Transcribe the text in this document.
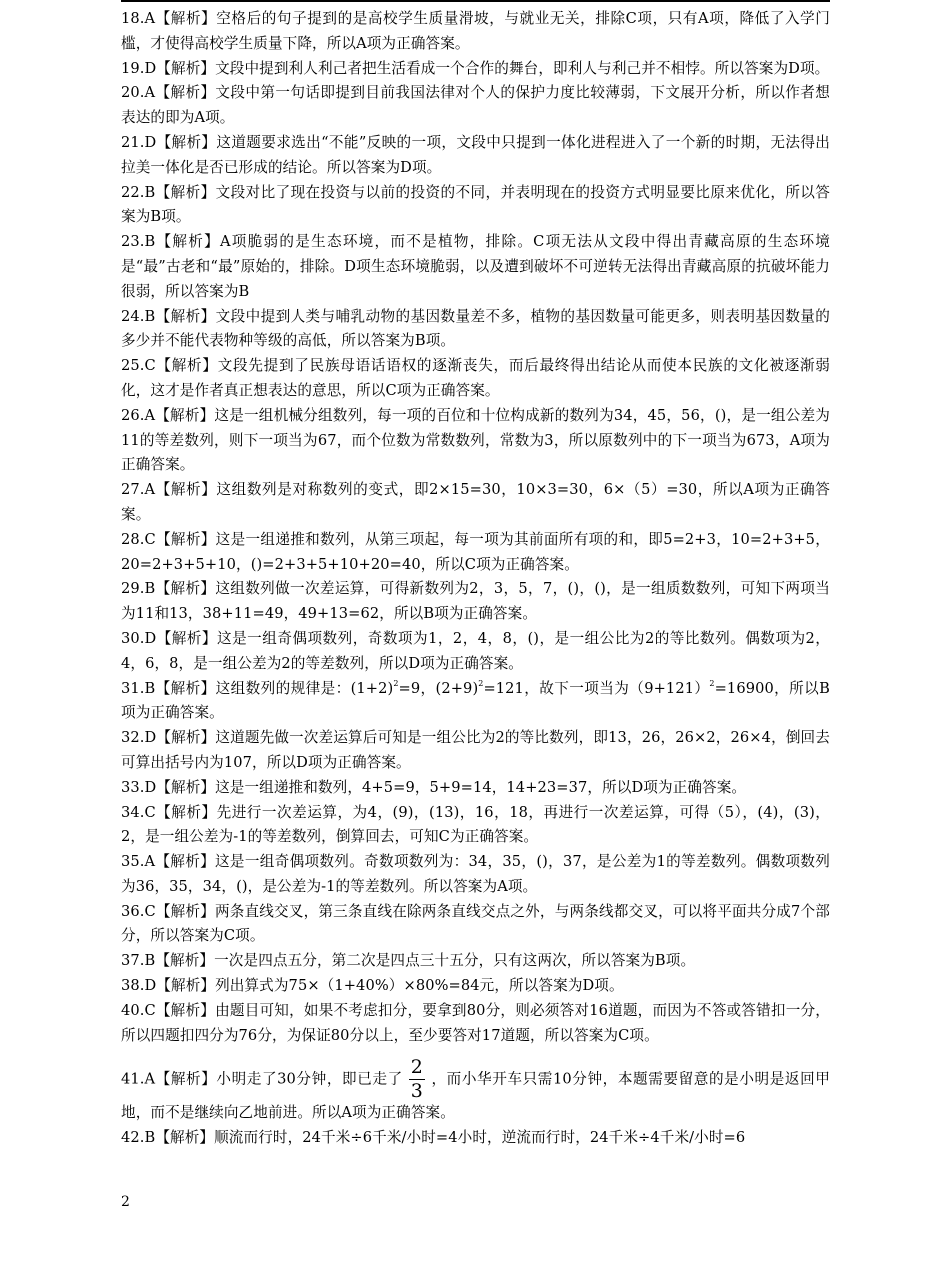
18.A【解析】空格后的句子提到的是高校学生质量滑坡，与就业无关，排除C项，只有A项，降低了入学门槛，才使得高校学生质量下降，所以A项为正确答案。

19.D【解析】文段中提到利人利己者把生活看成一个合作的舞台，即利人与利己并不相悖。所以答案为D项。

20.A【解析】文段中第一句话即提到目前我国法律对个人的保护力度比较薄弱，下文展开分析，所以作者想表达的即为A项。

21.D【解析】这道题要求选出“不能”反映的一项，文段中只提到一体化进程进入了一个新的时期，无法得出拉美一体化是否已形成的结论。所以答案为D项。

22.B【解析】文段对比了现在投资与以前的投资的不同，并表明现在的投资方式明显要比原来优化，所以答案为B项。

23.B【解析】A项脆弱的是生态环境，而不是植物，排除。C项无法从文段中得出青藏高原的生态环境是“最”古老和“最”原始的，排除。D项生态环境脆弱，以及遭到破坏不可逆转无法得出青藏高原的抗破坏能力很弱，所以答案为B

24.B【解析】文段中提到人类与哺乳动物的基因数量差不多，植物的基因数量可能更多，则表明基因数量的多少并不能代表物种等级的高低，所以答案为B项。

25.C【解析】文段先提到了民族母语话语权的逐渐丧失，而后最终得出结论从而使本民族的文化被逐渐弱化，这才是作者真正想表达的意思，所以C项为正确答案。

26.A【解析】这是一组机械分组数列，每一项的百位和十位构成新的数列为34，45，56，()，是一组公差为11的等差数列，则下一项当为67，而个位数为常数数列，常数为3，所以原数列中的下一项当为673，A项为正确答案。

27.A【解析】这组数列是对称数列的变式，即2×15=30，10×3=30，6×（5）=30，所以A项为正确答案。

28.C【解析】这是一组递推和数列，从第三项起，每一项为其前面所有项的和，即5=2+3，10=2+3+5，20=2+3+5+10，()=2+3+5+10+20=40，所以C项为正确答案。

29.B【解析】这组数列做一次差运算，可得新数列为2，3，5，7，()，()，是一组质数数列，可知下两项当为11和13，38+11=49，49+13=62，所以B项为正确答案。

30.D【解析】这是一组奇偶项数列，奇数项为1，2，4，8，()，是一组公比为2的等比数列。偶数项为2，4，6，8，是一组公差为2的等差数列，所以D项为正确答案。

31.B【解析】这组数列的规律是：$(1+2)^2=9$，$(2+9)^2=121$，故下一项当为$(9+121)^2=16900$，所以B项为正确答案。

32.D【解析】这道题先做一次差运算后可知是一组公比为2的等比数列，即13，26，26×2，26×4，倒回去可算出括号内为107，所以D项为正确答案。

33.D【解析】这是一组递推和数列，4+5=9，5+9=14，14+23=37，所以D项为正确答案。

34.C【解析】先进行一次差运算，为4，(9)，(13)，16，18，再进行一次差运算，可得（5），(4)，(3)，2，是一组公差为-1的等差数列，倒算回去，可知C为正确答案。

35.A【解析】这是一组奇偶项数列。奇数项数列为：34，35，()，37，是公差为1的等差数列。偶数项数列为36，35，34，()，是公差为-1的等差数列。所以答案为A项。

36.C【解析】两条直线交叉，第三条直线在除两条直线交点之外，与两条线都交叉，可以将平面共分成7个部分，所以答案为C项。

37.B【解析】一次是四点五分，第二次是四点三十五分，只有这两次，所以答案为B项。

38.D【解析】列出算式为75×（1+40%）×80%=84元，所以答案为D项。

40.C【解析】由题目可知，如果不考虑扣分，要拿到80分，则必须答对16道题，而因为不答或答错扣一分，所以四题扣四分为76分，为保证80分以上，至少要答对17道题，所以答案为C项。

41.A【解析】小明走了30分钟，即已走了 $\frac{2}{3}$ ，而小华开车只需10分钟，本题需要留意的是小明是返回甲地，而不是继续向乙地前进。所以A项为正确答案。

42.B【解析】顺流而行时，24千米÷6千米/小时=4小时，逆流而行时，24千米÷4千米/小时=6

2
